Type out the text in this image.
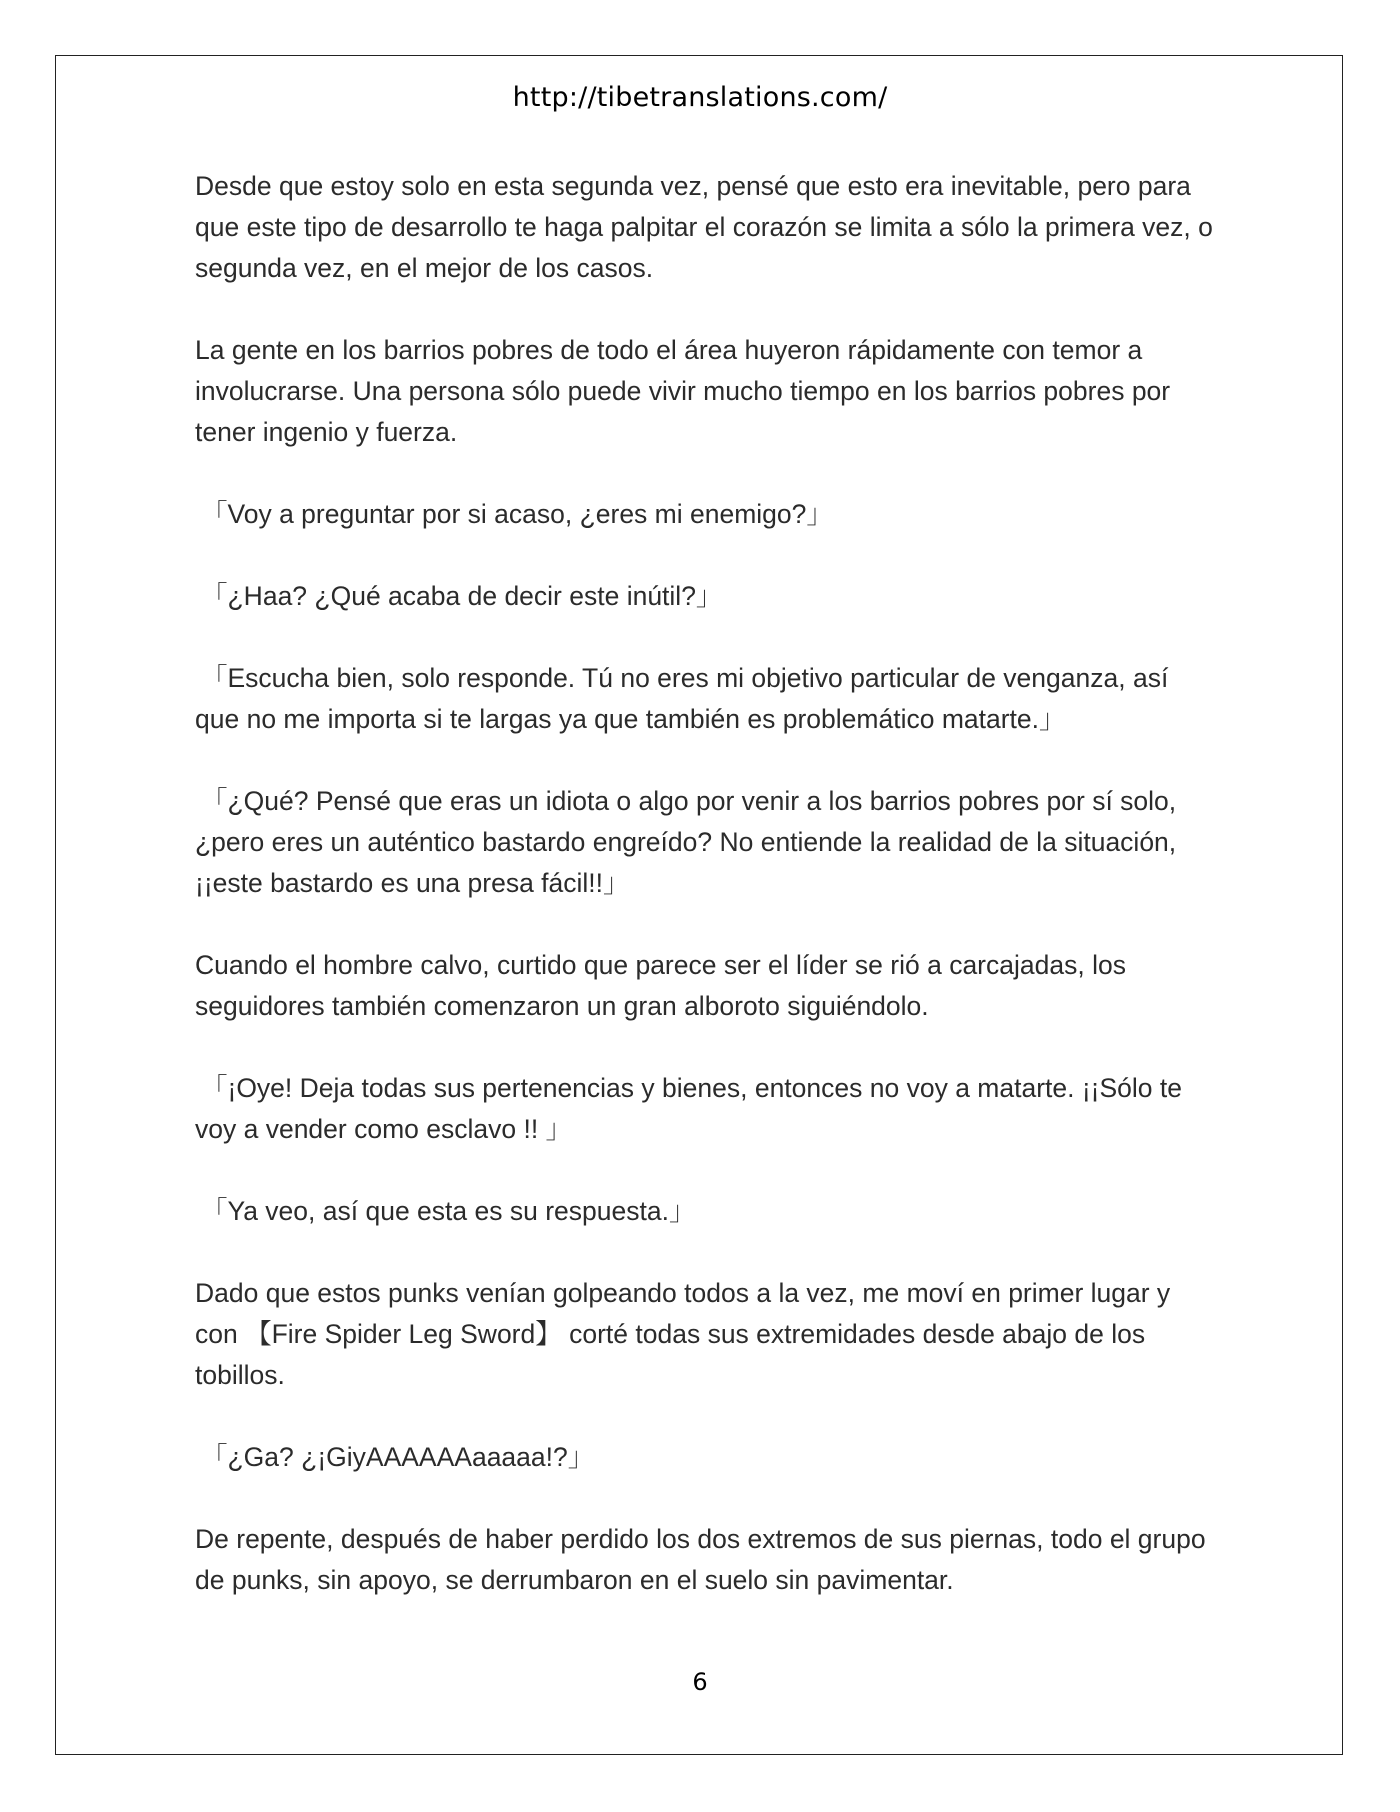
http://tibetranslations.com/

Desde que estoy solo en esta segunda vez, pensé que esto era inevitable, pero para que este tipo de desarrollo te haga palpitar el corazón se limita a sólo la primera vez, o segunda vez, en el mejor de los casos.

La gente en los barrios pobres de todo el área huyeron rápidamente con temor a involucrarse. Una persona sólo puede vivir mucho tiempo en los barrios pobres por tener ingenio y fuerza.

「Voy a preguntar por si acaso, ¿eres mi enemigo?」

「¿Haa? ¿Qué acaba de decir este inútil?」

「Escucha bien, solo responde. Tú no eres mi objetivo particular de venganza, así que no me importa si te largas ya que también es problemático matarte.」

「¿Qué? Pensé que eras un idiota o algo por venir a los barrios pobres por sí solo, ¿pero eres un auténtico bastardo engreído? No entiende la realidad de la situación, ¡¡este bastardo es una presa fácil!!」

Cuando el hombre calvo, curtido que parece ser el líder se rió a carcajadas, los seguidores también comenzaron un gran alboroto siguiéndolo.

「¡Oye! Deja todas sus pertenencias y bienes, entonces no voy a matarte. ¡¡Sólo te voy a vender como esclavo !! 」

「Ya veo, así que esta es su respuesta.」

Dado que estos punks venían golpeando todos a la vez, me moví en primer lugar y con 【Fire Spider Leg Sword】 corté todas sus extremidades desde abajo de los tobillos.

「¿Ga? ¿¡GiyAAAAAAaaaaa!?」

De repente, después de haber perdido los dos extremos de sus piernas, todo el grupo de punks, sin apoyo, se derrumbaron en el suelo sin pavimentar.

6
